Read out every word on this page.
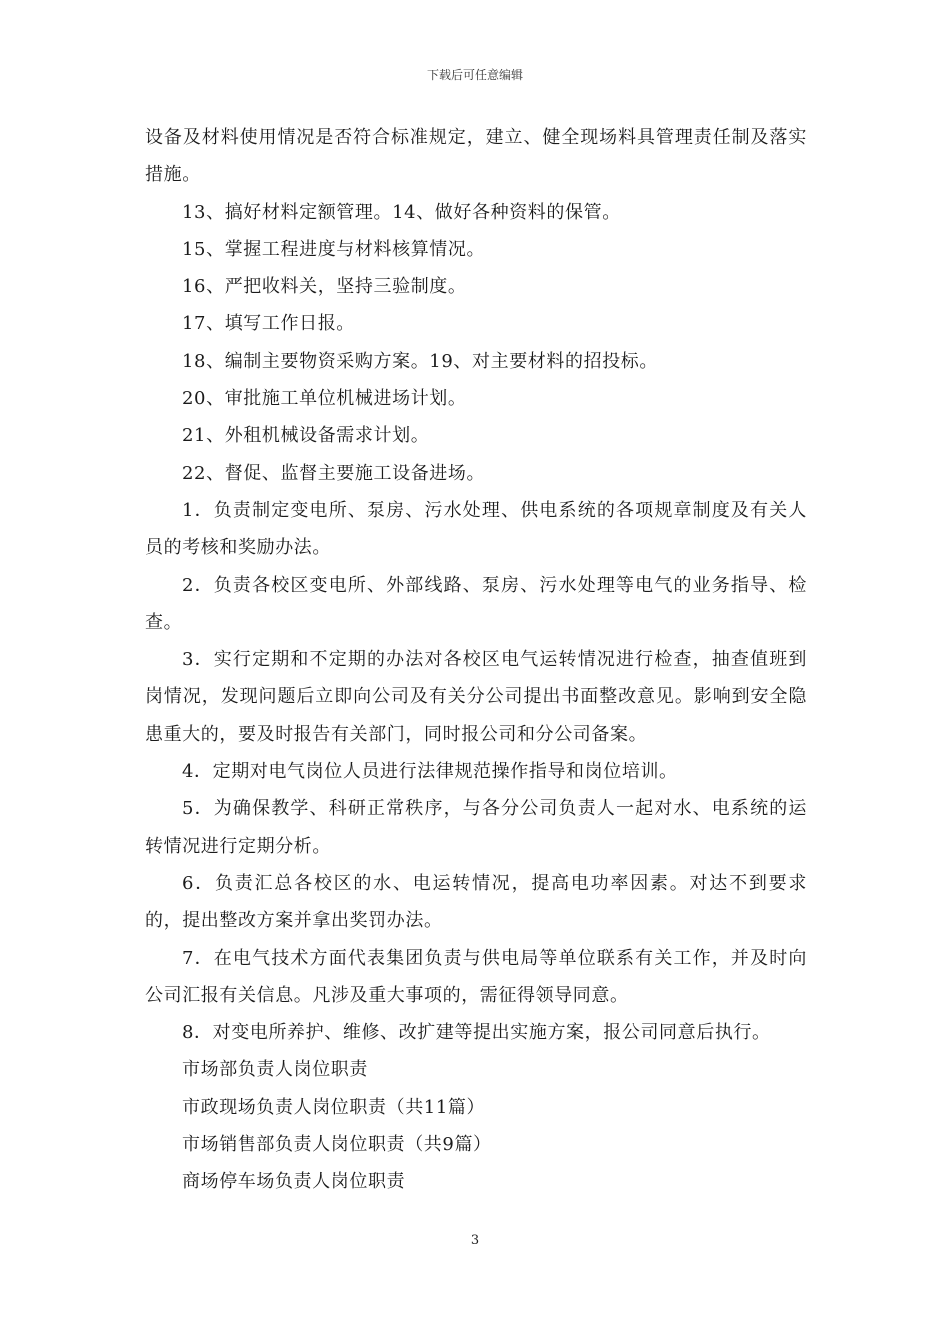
下载后可任意编辑

设备及材料使用情况是否符合标准规定，建立、健全现场料具管理责任制及落实措施。

13、搞好材料定额管理。14、做好各种资料的保管。

15、掌握工程进度与材料核算情况。

16、严把收料关，坚持三验制度。

17、填写工作日报。

18、编制主要物资采购方案。19、对主要材料的招投标。

20、审批施工单位机械进场计划。

21、外租机械设备需求计划。

22、督促、监督主要施工设备进场。

1．负责制定变电所、泵房、污水处理、供电系统的各项规章制度及有关人员的考核和奖励办法。

2．负责各校区变电所、外部线路、泵房、污水处理等电气的业务指导、检查。

3．实行定期和不定期的办法对各校区电气运转情况进行检查，抽查值班到岗情况，发现问题后立即向公司及有关分公司提出书面整改意见。影响到安全隐患重大的，要及时报告有关部门，同时报公司和分公司备案。

4．定期对电气岗位人员进行法律规范操作指导和岗位培训。

5．为确保教学、科研正常秩序，与各分公司负责人一起对水、电系统的运转情况进行定期分析。

6．负责汇总各校区的水、电运转情况，提高电功率因素。对达不到要求的，提出整改方案并拿出奖罚办法。

7．在电气技术方面代表集团负责与供电局等单位联系有关工作，并及时向公司汇报有关信息。凡涉及重大事项的，需征得领导同意。

8．对变电所养护、维修、改扩建等提出实施方案，报公司同意后执行。

市场部负责人岗位职责

市政现场负责人岗位职责（共11篇）

市场销售部负责人岗位职责（共9篇）

商场停车场负责人岗位职责

3
